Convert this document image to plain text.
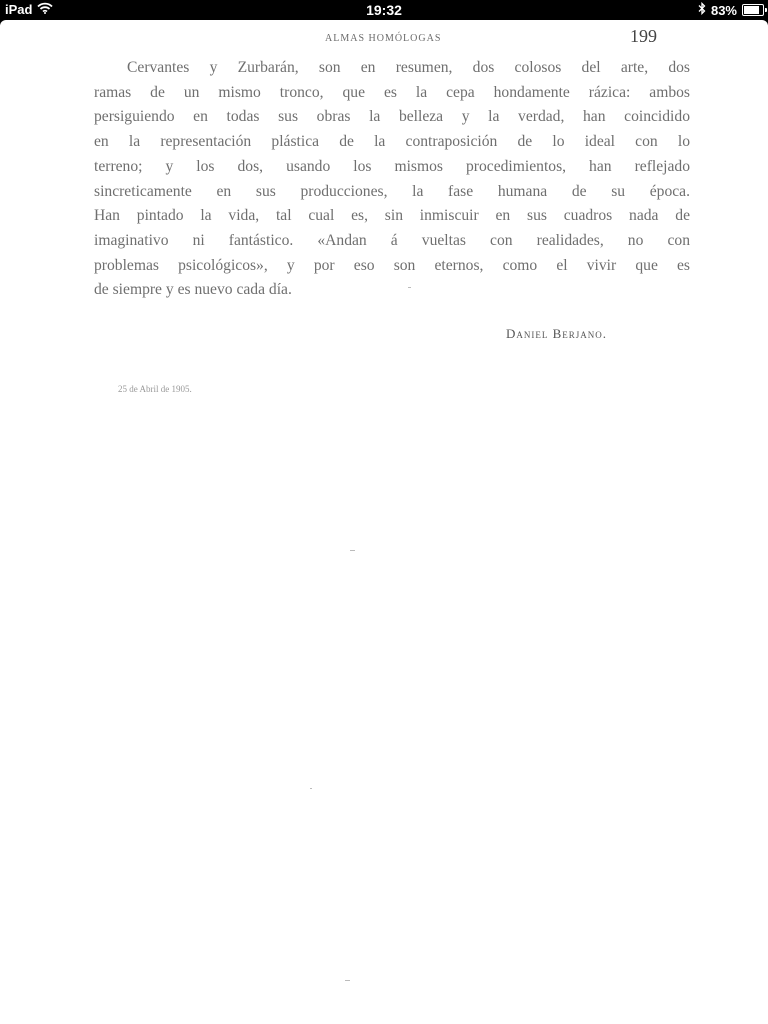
iPad	19:32	83%
ALMAS HOMÓLOGAS	199
Cervantes y Zurbarán, son en resumen, dos colosos del arte, dos
ramas de un mismo tronco, que es la cepa hondamente rázica: ambos
persiguiendo en todas sus obras la belleza y la verdad, han coincidido
en la representación plástica de la contraposición de lo ideal con lo
terreno; y los dos, usando los mismos procedimientos, han reflejado
sincreticamente en sus producciones, la fase humana de su época.
Han pintado la vida, tal cual es, sin inmiscuir en sus cuadros nada de
imaginativo ni fantástico. «Andan á vueltas con realidades, no con
problemas psicológicos», y por eso son eternos, como el vivir que es
de siempre y es nuevo cada día.
Daniel Berjano.
25 de Abril de 1905.
